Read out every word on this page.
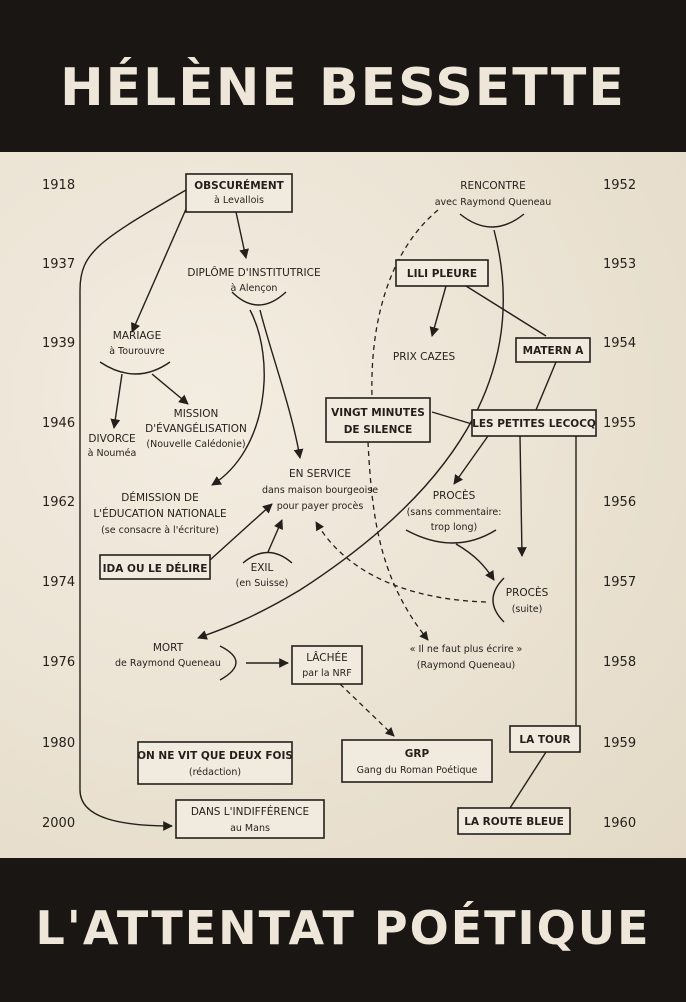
HÉLÈNE BESSETTE
L'ATTENTAT POÉTIQUE
1918
1937
1939
1946
1962
1974
1976
1980
2000
1952
1953
1954
1955
1956
1957
1958
1959
1960
OBSCURÉMENT
à Levallois
DIPLÔME D'INSTITUTRICE
à Alençon
MARIAGE
à Tourouvre
DIVORCE
à Nouméa
MISSION
D'ÉVANGÉLISATION
(Nouvelle Calédonie)
DÉMISSION DE
L'ÉDUCATION NATIONALE
(se consacre à l'écriture)
EN SERVICE
dans maison bourgeoise
pour payer procès
EXIL
(en Suisse)
IDA OU LE DÉLIRE
MORT
de Raymond Queneau	LÂCHÉE
par la NRF
ON NE VIT QUE DEUX FOIS
(rédaction)
DANS L'INDIFFÉRENCE
au Mans
RENCONTRE
avec Raymond Queneau
LILI PLEURE
PRIX CAZES	MATERN A
VINGT MINUTES
DE SILENCE	LES PETITES LECOCQ
PROCÈS
(sans commentaire:
trop long)
PROCÈS
(suite)
« Il ne faut plus écrire »
(Raymond Queneau)
LA TOUR
GRP
Gang du Roman Poétique
LA ROUTE BLEUE
